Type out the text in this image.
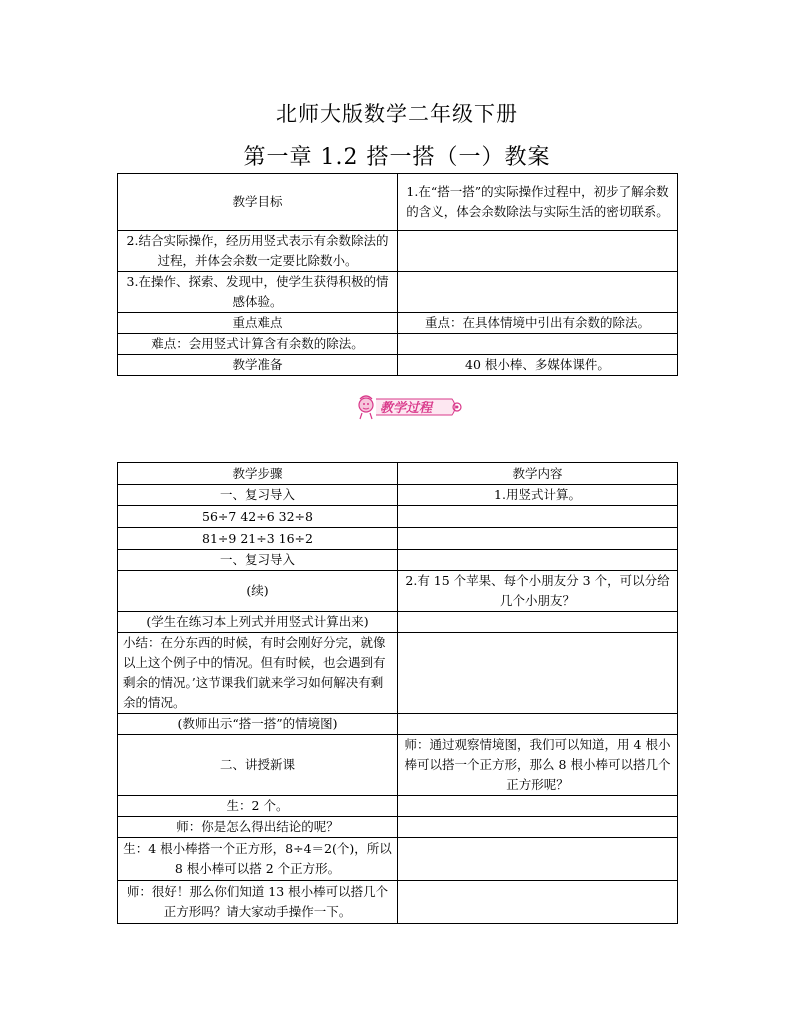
北师大版数学二年级下册
第一章 1.2 搭一搭（一）教案
教学目标	1.在“搭一搭”的实际操作过程中，初步了解余数的含义，体会余数除法与实际生活的密切联系。
2.结合实际操作，经历用竖式表示有余数除法的过程，并体会余数一定要比除数小。	
3.在操作、探索、发现中，使学生获得积极的情感体验。	
重点难点	重点：在具体情境中引出有余数的除法。
难点：会用竖式计算含有余数的除法。	
教学准备	40 根小棒、多媒体课件。
教学过程
教学步骤	教学内容
一、复习导入	1.用竖式计算。
56÷7 42÷6 32÷8	
81÷9 21÷3 16÷2	
一、复习导入	
(续)	2.有 15 个苹果、每个小朋友分 3 个，可以分给几个小朋友？
(学生在练习本上列式并用竖式计算出来)	
小结：在分东西的时候，有时会刚好分完，就像以上这个例子中的情况。但有时候，也会遇到有剩余的情况。’这节课我们就来学习如何解决有剩余的情况。	
(教师出示“搭一搭”的情境图)	
二、讲授新课	师：通过观察情境图，我们可以知道，用 4 根小棒可以搭一个正方形，那么 8 根小棒可以搭几个正方形呢？
生：2 个。	
师：你是怎么得出结论的呢？	
生：4 根小棒搭一个正方形，8÷4＝2(个)，所以 8 根小棒可以搭 2 个正方形。	
师：很好！那么你们知道 13 根小棒可以搭几个正方形吗？请大家动手操作一下。	
